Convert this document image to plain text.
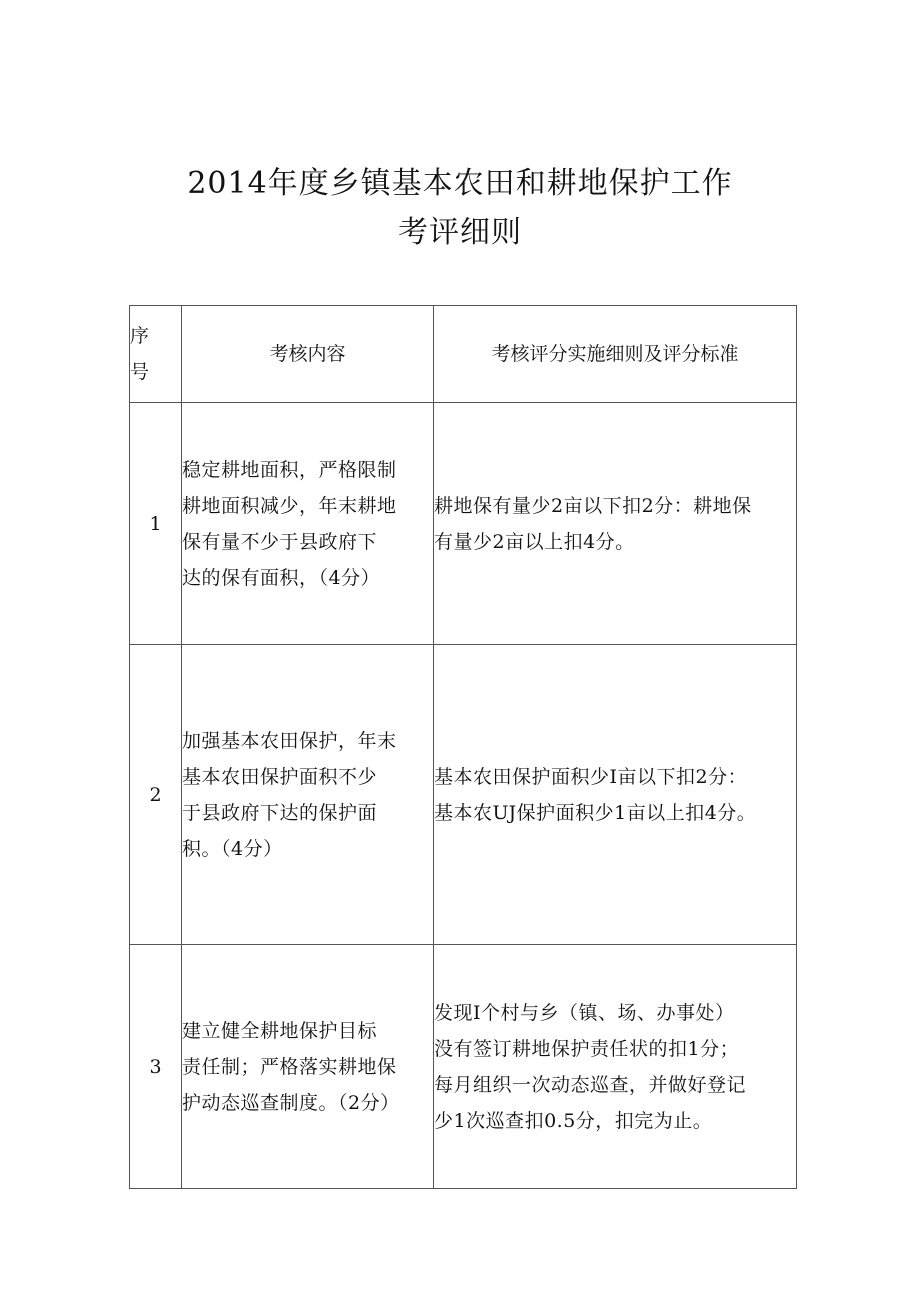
2014年度乡镇基本农田和耕地保护工作
考评细则
序
号	考核内容	考核评分实施细则及评分标准
1	稳定耕地面积，严格限制
耕地面积减少，年末耕地
保有量不少于县政府下
达的保有面积，（4分）	耕地保有量少2亩以下扣2分：耕地保
有量少2亩以上扣4分。

2	加强基本农田保护，年末
基本农田保护面积不少
于县政府下达的保护面
积。（4分）	基本农田保护面积少I亩以下扣2分：
基本农UJ保护面积少1亩以上扣4分。

3	建立健全耕地保护目标
责任制；严格落实耕地保
护动态巡查制度。（2分）	发现I个村与乡（镇、场、办事处）
没有签订耕地保护责任状的扣1分；
每月组织一次动态巡查，并做好登记
少1次巡查扣0.5分，扣完为止。
